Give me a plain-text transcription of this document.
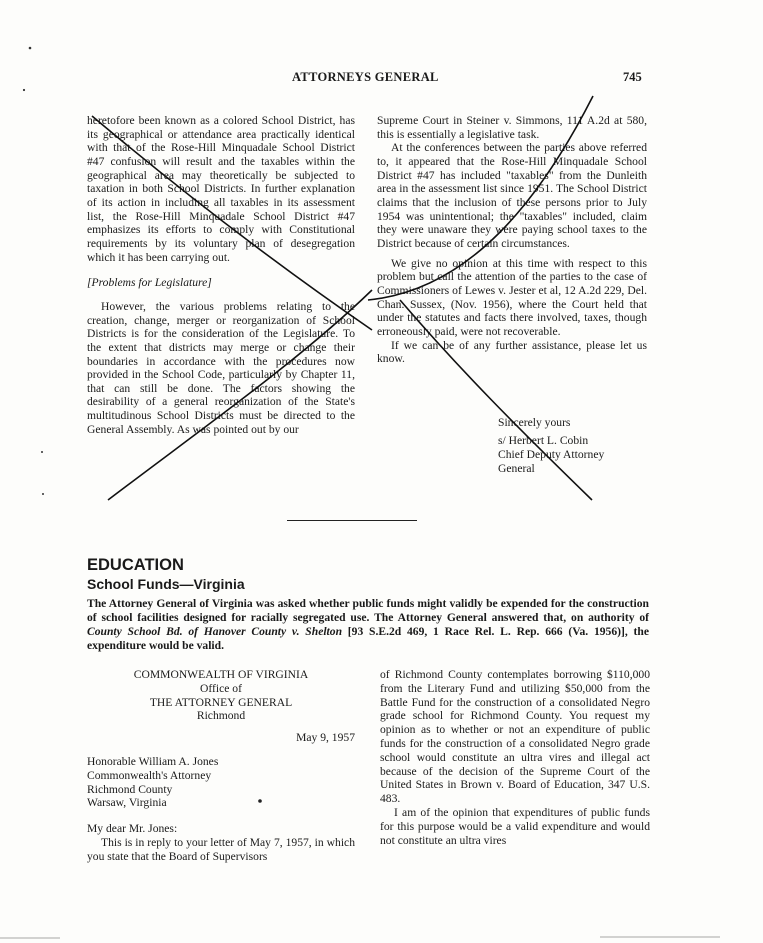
ATTORNEYS GENERAL	745

heretofore been known as a colored School District, has its geographical or attendance area practically identical with that of the Rose-Hill Minquadale School District #47 confusion will result and the taxables within the geographical area may theoretically be subjected to taxation in both School Districts. In further explanation of its action in including all taxables in its assessment list, the Rose-Hill Minquadale School District #47 emphasizes its efforts to comply with Constitutional requirements by its voluntary plan of desegregation which it has been carrying out.

[Problems for Legislature]

However, the various problems relating to the creation, change, merger or reorganization of School Districts is for the consideration of the Legislature. To the extent that districts may merge or change their boundaries in accordance with the procedures now provided in the School Code, particularly by Chapter 11, that can still be done. The factors showing the desirability of a general reorganization of the State's multitudinous School Districts must be directed to the General Assembly. As was pointed out by our

Supreme Court in Steiner v. Simmons, 111 A.2d at 580, this is essentially a legislative task.

At the conferences between the parties above referred to, it appeared that the Rose-Hill Minquadale School District #47 has included "taxables" from the Dunleith area in the assessment list since 1951. The School District claims that the inclusion of these persons prior to July 1954 was unintentional; the "taxables" included, claim they were unaware they were paying school taxes to the District because of certain circumstances.

We give no opinion at this time with respect to this problem but call the attention of the parties to the case of Commissioners of Lewes v. Jester et al, 12 A.2d 229, Del. Chan. Sussex, (Nov. 1956), where the Court held that under the statutes and facts there involved, taxes, though erroneously paid, were not recoverable.

If we can be of any further assistance, please let us know.

Sincerely yours
s/ Herbert L. Cobin
Chief Deputy Attorney
General
EDUCATION
School Funds—Virginia
The Attorney General of Virginia was asked whether public funds might validly be expended for the construction of school facilities designed for racially segregated use. The Attorney General answered that, on authority of County School Bd. of Hanover County v. Shelton [93 S.E.2d 469, 1 Race Rel. L. Rep. 666 (Va. 1956)], the expenditure would be valid.
COMMONWEALTH OF VIRGINIA
Office of
THE ATTORNEY GENERAL
Richmond
May 9, 1957
Honorable William A. Jones
Commonwealth's Attorney
Richmond County
Warsaw, Virginia
My dear Mr. Jones:

This is in reply to your letter of May 7, 1957, in which you state that the Board of Supervisors

of Richmond County contemplates borrowing $110,000 from the Literary Fund and utilizing $50,000 from the Battle Fund for the construction of a consolidated Negro grade school for Richmond County. You request my opinion as to whether or not an expenditure of public funds for the construction of a consolidated Negro grade school would constitute an ultra vires and illegal act because of the decision of the Supreme Court of the United States in Brown v. Board of Education, 347 U.S. 483.

I am of the opinion that expenditures of public funds for this purpose would be a valid expenditure and would not constitute an ultra vires
